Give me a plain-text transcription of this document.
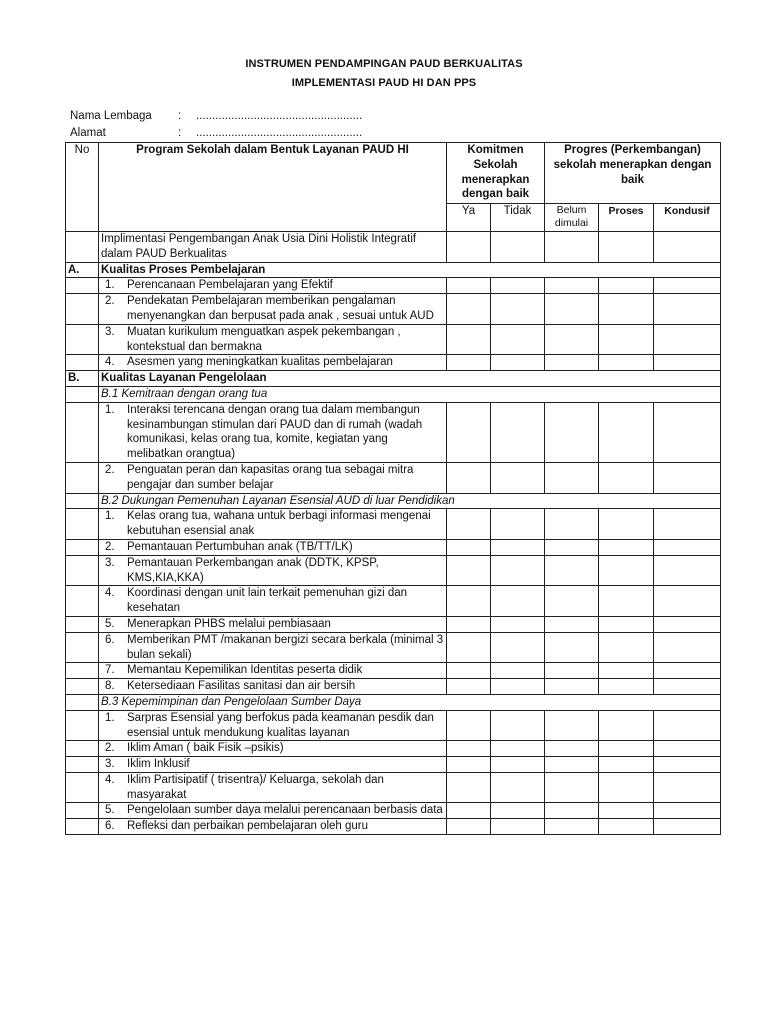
INSTRUMEN PENDAMPINGAN PAUD BERKUALITAS
IMPLEMENTASI PAUD HI DAN PPS
Nama Lembaga : ....................................................
Alamat	: ....................................................
No	Program Sekolah dalam Bentuk Layanan PAUD HI	Komitmen Sekolah menerapkan dengan baik		Progres (Perkembangan) sekolah menerapkan dengan baik		
		Ya	Tidak	Belum dimulai	Proses	Kondusif
	Implimentasi Pengembangan Anak Usia Dini Holistik Integratif dalam PAUD Berkualitas					
A.	Kualitas Proses Pembelajaran					

	1. Perencanaan Pembelajaran yang Efektif					

	2. Pendekatan Pembelajaran memberikan pengalaman menyenangkan dan berpusat pada anak , sesuai untuk AUD					

	3. Muatan kurikulum menguatkan aspek pekembangan , kontekstual dan bermakna					

	4. Asesmen yang meningkatkan kualitas pembelajaran					

B.	Kualitas Layanan Pengelolaan					
	B.1 Kemitraan dengan orang tua					

	1. Interaksi terencana dengan orang tua dalam membangun kesinambungan stimulan dari PAUD dan di rumah (wadah komunikasi, kelas orang tua, komite, kegiatan yang melibatkan orangtua)					

	2. Penguatan peran dan kapasitas orang tua sebagai mitra pengajar dan sumber belajar					

	B.2 Dukungan Pemenuhan Layanan Esensial AUD di luar Pendidikan					

	1. Kelas orang tua, wahana untuk berbagi informasi mengenai kebutuhan esensial anak					

	2. Pemantauan Pertumbuhan anak (TB/TT/LK)					

	3. Pemantauan Perkembangan anak (DDTK, KPSP, KMS,KIA,KKA)					

	4. Koordinasi dengan unit lain terkait pemenuhan gizi dan kesehatan					

	5. Menerapkan PHBS melalui pembiasaan					

	6. Memberikan PMT /makanan bergizi secara berkala (minimal 3 bulan sekali)					

	7. Memantau Kepemilikan Identitas peserta didik					

	8. Ketersediaan Fasilitas sanitasi dan air bersih					

	B.3 Kepemimpinan dan Pengelolaan Sumber Daya					

	1. Sarpras Esensial yang berfokus pada keamanan pesdik dan esensial untuk mendukung kualitas layanan					

	2. Iklim Aman ( baik Fisik –psikis)					

	3. Iklim Inklusif					

	4. Iklim Partisipatif ( trisentra)/ Keluarga, sekolah dan masyarakat					

	5. Pengelolaan sumber daya melalui perencanaan berbasis data					

	6. Refleksi dan perbaikan pembelajaran oleh guru					
